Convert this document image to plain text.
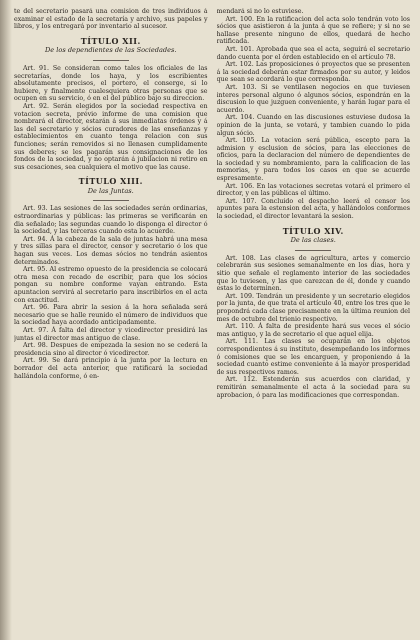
te del secretario pasará una comision de tres individuos á examinar el estado de la secretaría y archivo, sus papeles y libros, y los entregará por inventario al sucesor.

TÍTULO XII.
De los dependientes de las Sociedades.

Art. 91. Se consideran como tales los oficiales de las secretarías, donde los haya, y los escribientes absolutamente precisos, el portero, el conserge, si lo hubiere, y finalmente cualesquiera otras personas que se ocupen en su servicio, ó en el del público bajo su direccion.

Art. 92. Serán elegidos por la sociedad respectiva en votacion secreta, prévio informe de una comision que nombrará el director, estarán á sus inmediatas órdenes y á las del secretario y sócios curadores de las enseñanzas y establecimientos en cuanto tenga relacion con sus funciones; serán removidos si no llenasen cumplidamente sus deberes; se les pagarán sus consignaciones de los fondos de la sociedad, y no optarán á jubilacion ni retiro en sus cesaciones, sea cualquiera el motivo que las cause.

TÍTULO XIII.
De las Juntas.

Art. 93. Las sesiones de las sociedades serán ordinarias, estraordinarias y públicas: las primeras se verificarán en dia señalado; las segundas cuando lo disponga el director ó la sociedad, y las terceras cuando esta lo acuerde.

Art. 94. Á la cabeza de la sala de juntas habrá una mesa y tres sillas para el director, censor y secretario ó los que hagan sus veces. Los demas sócios no tendrán asientos determinados.

Art. 95. Al estremo opuesto de la presidencia se colocará otra mesa con recado de escribir, para que los sócios pongan su nombre conforme vayan entrando. Esta apuntacion servirá al secretario para inscribirlos en el acta con exactitud.

Art. 96. Para abrir la sesion á la hora señalada será necesario que se halle reunido el número de individuos que la sociedad haya acordado anticipadamente.

Art. 97. Á falta del director y vicedirector presidirá las juntas el director mas antiguo de clase.

Art. 98. Despues de empezada la sesion no se cederá la presidencia sino al director ó vicedirector.

Art. 99. Se dará principio á la junta por la lectura en borrador del acta anterior, que ratificará la sociedad hallándola conforme, ó en-

mendará si no lo estuviese.

Art. 100. En la ratificacion del acta solo tendrán voto los sócios que asistieron á la junta á que se refiere; y si no se hallase presente ninguno de ellos, quedará de hecho ratificada.

Art. 101. Aprobada que sea el acta, seguirá el secretario dando cuenta por el órden establecido en el artículo 78.

Art. 102. Las proposiciones ó proyectos que se presenten á la sociedad deberán estar firmados por su autor, y leidos que sean se acordará lo que corresponda.

Art. 103. Si se ventilasen negocios en que tuviesen interes personal alguno ó algunos sócios, espondrán en la discusion lo que juzguen conveniente, y harán lugar para el acuerdo.

Art. 104. Cuando en las discusiones estuviese dudosa la opinion de la junta, se votará, y tambien cuando lo pida algun sócio.

Art. 105. La votacion será pública, escepto para la admision y esclusion de sócios, para las elecciones de oficios, para la declaracion del número de dependientes de la sociedad y su nombramiento, para la calificacion de las memorias, y para todos los casos en que se acuerde espresamente.

Art. 106. En las votaciones secretas votará el primero el director, y en las públicas el último.

Art. 107. Concluido el despacho leerá el censor los apuntes para la estension del acta, y hallándolos conformes la sociedad, el director levantará la sesion.

TÍTULO XIV.
De las clases.

Art. 108. Las clases de agricultura, artes y comercio celebrarán sus sesiones semanalmente en los dias, hora y sitio que señale el reglamento interior de las sociedades que lo tuviesen, y las que carezcan de él, donde y cuando estas lo determinen.

Art. 109. Tendrán un presidente y un secretario elegidos por la junta, de que trata el artículo 40, entre los tres que le propondrá cada clase precisamente en la última reunion del mes de octubre del trienio respectivo.

Art. 110. Á falta de presidente hará sus veces el sócio mas antiguo, y la de secretario el que aquel elija.

Art. 111. Las clases se ocuparán en los objetos correspondientes á su instituto, desempeñando los informes ó comisiones que se les encarguen, y proponiendo á la sociedad cuanto estime conveniente á la mayor prosperidad de sus respectivos ramos.

Art. 112. Estenderán sus acuerdos con claridad, y remitirán semanalmente el acta á la sociedad para su aprobacion, ó para las modificaciones que correspondan.
